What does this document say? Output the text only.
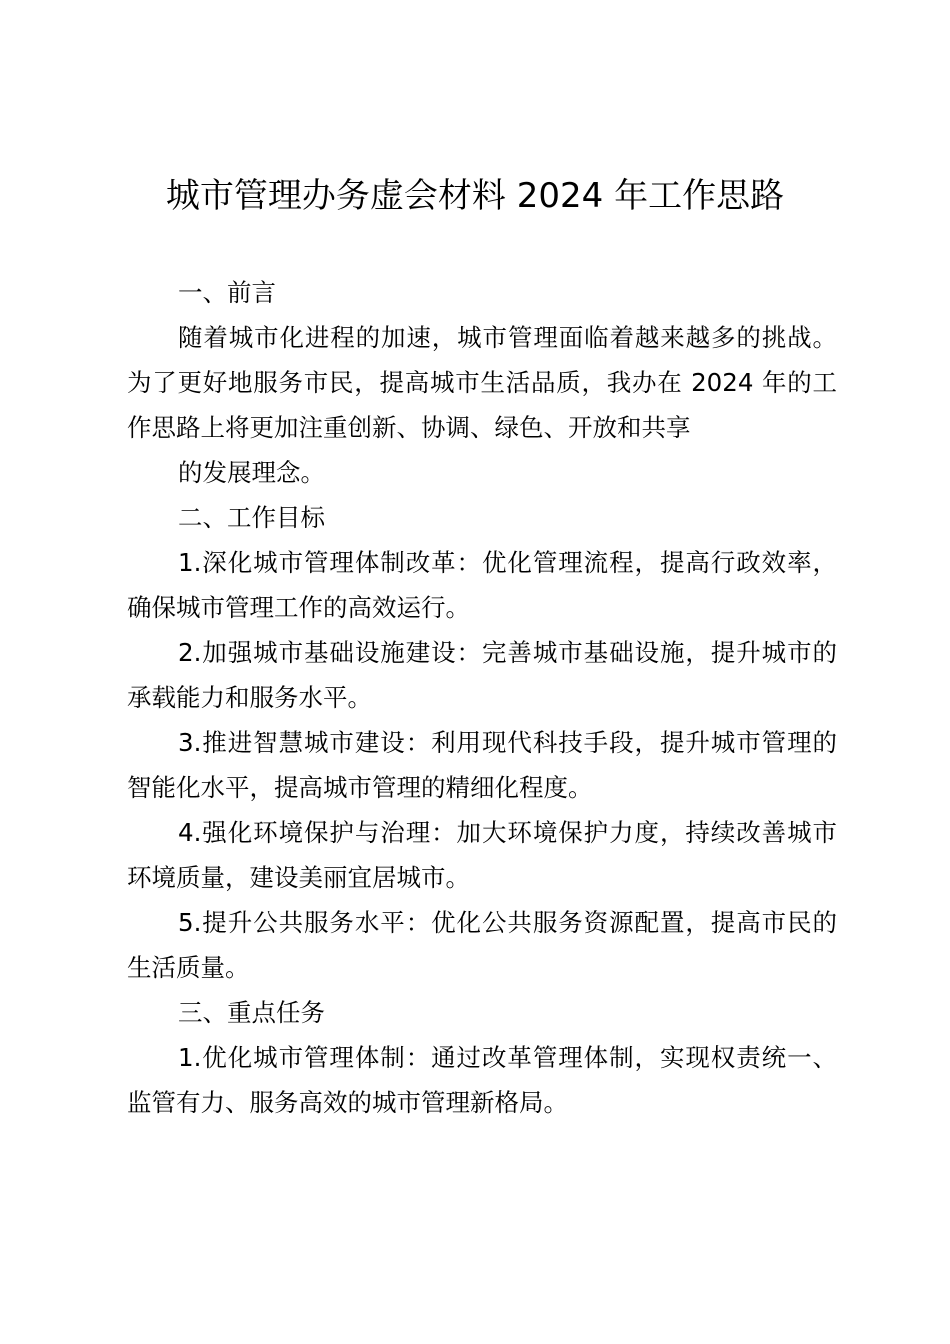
城市管理办务虚会材料 2024 年工作思路

一、前言

随着城市化进程的加速，城市管理面临着越来越多的挑战。为了更好地服务市民，提高城市生活品质，我办在 2024 年的工作思路上将更加注重创新、协调、绿色、开放和共享

的发展理念。

二、工作目标

1.深化城市管理体制改革：优化管理流程，提高行政效率，确保城市管理工作的高效运行。

2.加强城市基础设施建设：完善城市基础设施，提升城市的承载能力和服务水平。

3.推进智慧城市建设：利用现代科技手段，提升城市管理的智能化水平，提高城市管理的精细化程度。

4.强化环境保护与治理：加大环境保护力度，持续改善城市环境质量，建设美丽宜居城市。

5.提升公共服务水平：优化公共服务资源配置，提高市民的生活质量。

三、重点任务

1.优化城市管理体制：通过改革管理体制，实现权责统一、监管有力、服务高效的城市管理新格局。
